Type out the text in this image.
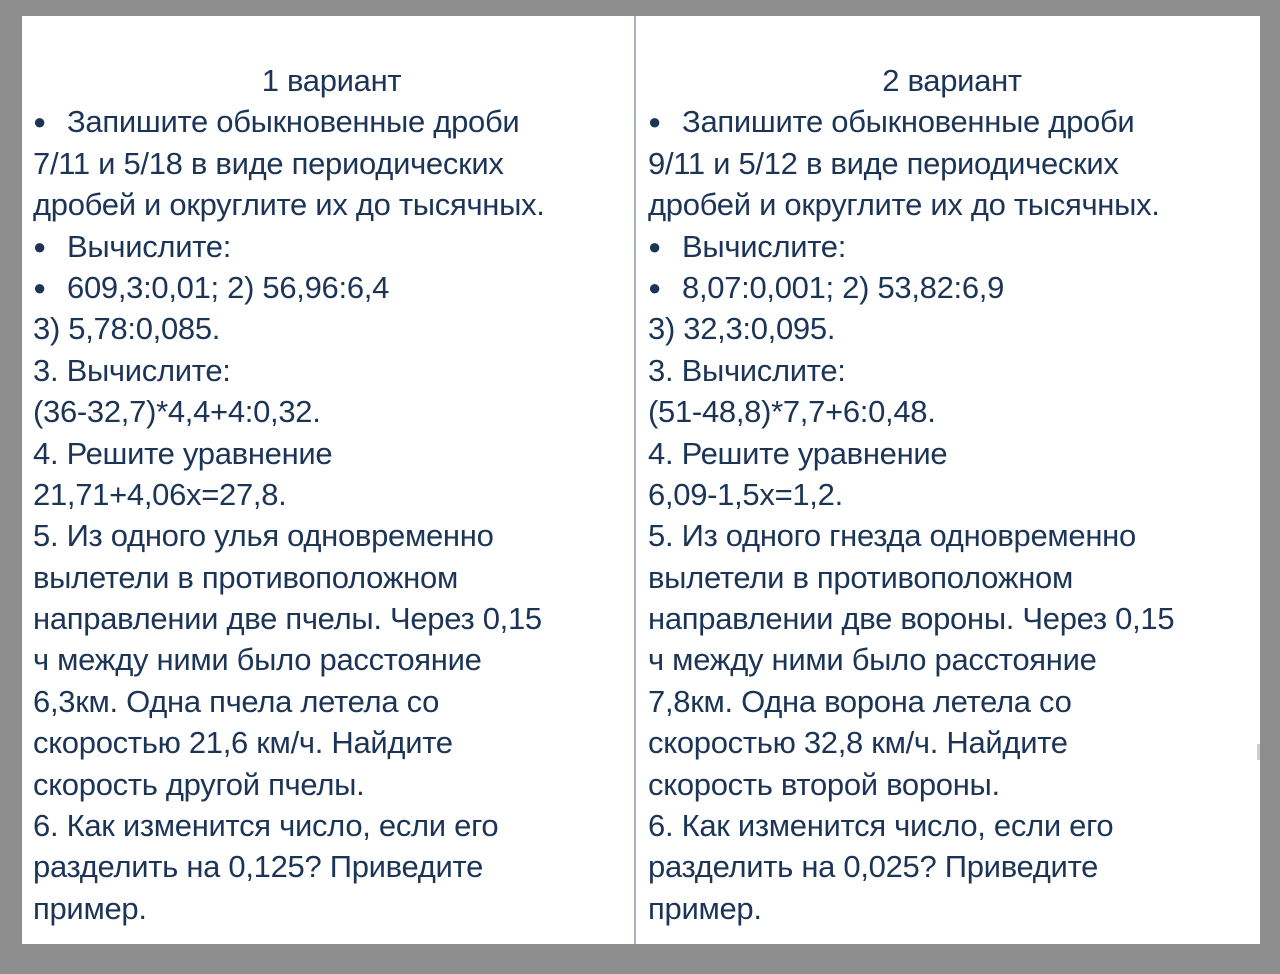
1 вариант
● Запишите обыкновенные дроби
7/11 и 5/18 в виде периодических
дробей и округлите их до тысячных.
● Вычислите:
● 609,3:0,01; 2) 56,96:6,4
3) 5,78:0,085.
3. Вычислите:
(36-32,7)*4,4+4:0,32.
4. Решите уравнение
21,71+4,06х=27,8.
5. Из одного улья одновременно
вылетели в противоположном
направлении две пчелы. Через 0,15
ч между ними было расстояние
6,3км. Одна пчела летела со
скоростью 21,6 км/ч. Найдите
скорость другой пчелы.
6. Как изменится число, если его
разделить на 0,125? Приведите
пример.
2 вариант
● Запишите обыкновенные дроби
9/11 и 5/12 в виде периодических
дробей и округлите их до тысячных.
● Вычислите:
● 8,07:0,001; 2) 53,82:6,9
3) 32,3:0,095.
3. Вычислите:
(51-48,8)*7,7+6:0,48.
4. Решите уравнение
6,09-1,5х=1,2.
5. Из одного гнезда одновременно
вылетели в противоположном
направлении две вороны. Через 0,15
ч между ними было расстояние
7,8км. Одна ворона летела со
скоростью 32,8 км/ч. Найдите
скорость второй вороны.
6. Как изменится число, если его
разделить на 0,025? Приведите
пример.
